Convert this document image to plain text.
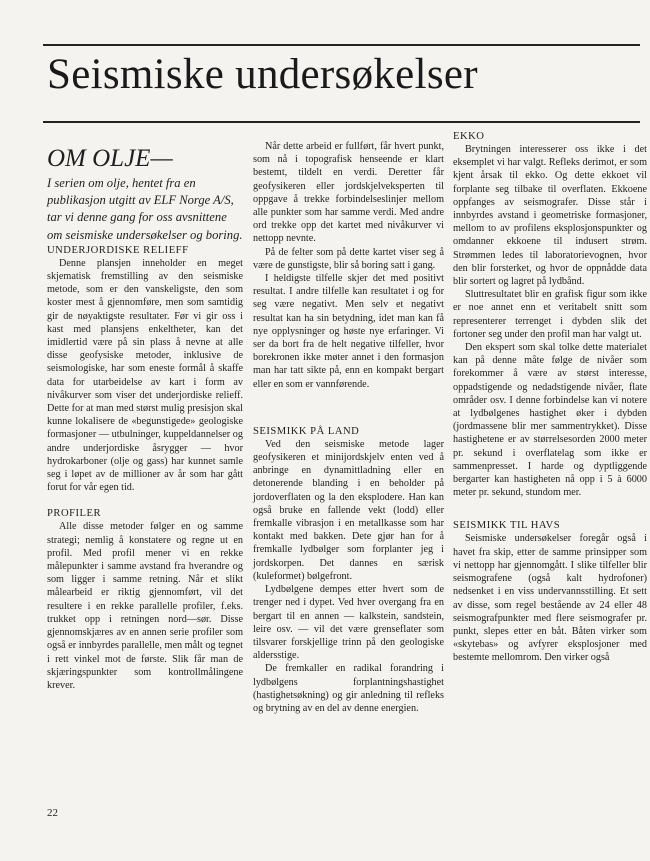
Seismiske undersøkelser
OM OLJE—

I serien om olje, hentet fra en publikasjon utgitt av ELF Norge A/S, tar vi denne gang for oss avsnittene om seismiske undersøkelser og boring.

UNDERJORDISKE RELIEFF

Denne plansjen inneholder en meget skjematisk fremstilling av den seismiske metode, som er den vanskeligste, den som koster mest å gjennomføre, men som samtidig gir de nøyaktigste resultater. Før vi gir oss i kast med plansjens enkeltheter, kan det imidlertid være på sin plass å nevne at alle disse geofysiske metoder, inklusive de seismologiske, har som eneste formål å skaffe data for utarbeidelse av kart i form av nivåkurver som viser det underjordiske relieff. Dette for at man med størst mulig presisjon skal kunne lokalisere de «begunstigede» geologiske formasjoner — utbulninger, kuppeldannelser og andre underjordiske åsrygger — hvor hydrokarboner (olje og gass) har kunnet samle seg i løpet av de millioner av år som har gått forut for vår egen tid.

PROFILER

Alle disse metoder følger en og samme strategi; nemlig å konstatere og regne ut en profil. Med profil mener vi en rekke målepunkter i samme avstand fra hverandre og som ligger i samme retning. Når et slikt målearbeid er riktig gjennomført, vil det resultere i en rekke parallelle profiler, f.eks. trukket opp i retningen nord—sør. Disse gjennomskjæres av en annen serie profiler som også er innbyrdes parallelle, men målt og tegnet i rett vinkel mot de første. Slik får man de skjæringspunkter som kontrollmålingene krever.

Når dette arbeid er fullført, får hvert punkt, som nå i topografisk henseende er klart bestemt, tildelt en verdi. Deretter får geofysikeren eller jordskjelveksperten til oppgave å trekke forbindelseslinjer mellom alle punkter som har samme verdi. Med andre ord trekke opp det kartet med nivåkurver vi nettopp nevnte.

På de felter som på dette kartet viser seg å være de gunstigste, blir så boring satt i gang.

I heldigste tilfelle skjer det med positivt resultat. I andre tilfelle kan resultatet i og for seg være negativt. Men selv et negativt resultat kan ha sin betydning, idet man kan få nye opplysninger og høste nye erfaringer. Vi ser da bort fra de helt negative tilfeller, hvor borekronen ikke møter annet i den formasjon man har tatt sikte på, enn en kompakt bergart eller en som er vannførende.

SEISMIKK PÅ LAND

Ved den seismiske metode lager geofysikeren et minijordskjelv enten ved å anbringe en dynamittladning eller en detonerende blanding i en beholder på jordoverflaten og la den eksplodere. Han kan også bruke en fallende vekt (lodd) eller fremkalle vibrasjon i en metallkasse som har kontakt med bakken. Dete gjør han for å fremkalle lydbølger som forplanter jeg i jordskorpen. Det dannes en særisk (kuleformet) bølgefront.

Lydbølgene dempes etter hvert som de trenger ned i dypet. Ved hver overgang fra en bergart til en annen — kalkstein, sandstein, leire osv. — vil det være grenseflater som tilsvarer forskjellige trinn på den geologiske aldersstige.

De fremkaller en radikal forandring i lydbølgens forplantningshastighet (hastighetsøkning) og gir anledning til refleks og brytning av en del av denne energien.

EKKO

Brytningen interesserer oss ikke i det eksemplet vi har valgt. Refleks derimot, er som kjent årsak til ekko. Og dette ekkoet vil forplante seg tilbake til overflaten. Ekkoene oppfanges av seismografer. Disse står i innbyrdes avstand i geometriske formasjoner, mellom to av profilens eksplosjonspunkter og omdanner ekkoene til indusert strøm. Strømmen ledes til laboratorievognen, hvor den blir forsterket, og hvor de oppnådde data blir sortert og lagret på lydbånd.

Sluttresultatet blir en grafisk figur som ikke er noe annet enn et veritabelt snitt som representerer terrenget i dybden slik det fortoner seg under den profil man har valgt ut.

Den ekspert som skal tolke dette materialet kan på denne måte følge de nivåer som forekommer å være av størst interesse, oppadstigende og nedadstigende nivåer, flate områder osv. I denne forbindelse kan vi notere at lydbølgenes hastighet øker i dybden (jordmassene blir mer sammentrykket). Disse hastighetene er av størrelsesorden 2000 meter pr. sekund i overflatelag som ikke er sammenpresset. I harde og dyptliggende bergarter kan hastigheten nå opp i 5 à 6000 meter pr. sekund, stundom mer.

SEISMIKK TIL HAVS

Seismiske undersøkelser foregår også i havet fra skip, etter de samme prinsipper som vi nettopp har gjennomgått. I slike tilfeller blir seismografene (også kalt hydrofoner) nedsenket i en viss undervannsstilling. Et sett av disse, som regel bestående av 24 eller 48 seismografpunkter med flere seismografer pr. punkt, slepes etter en båt. Båten virker som «skytebas» og avfyrer eksplosjoner med bestemte mellomrom. Den virker også

22
